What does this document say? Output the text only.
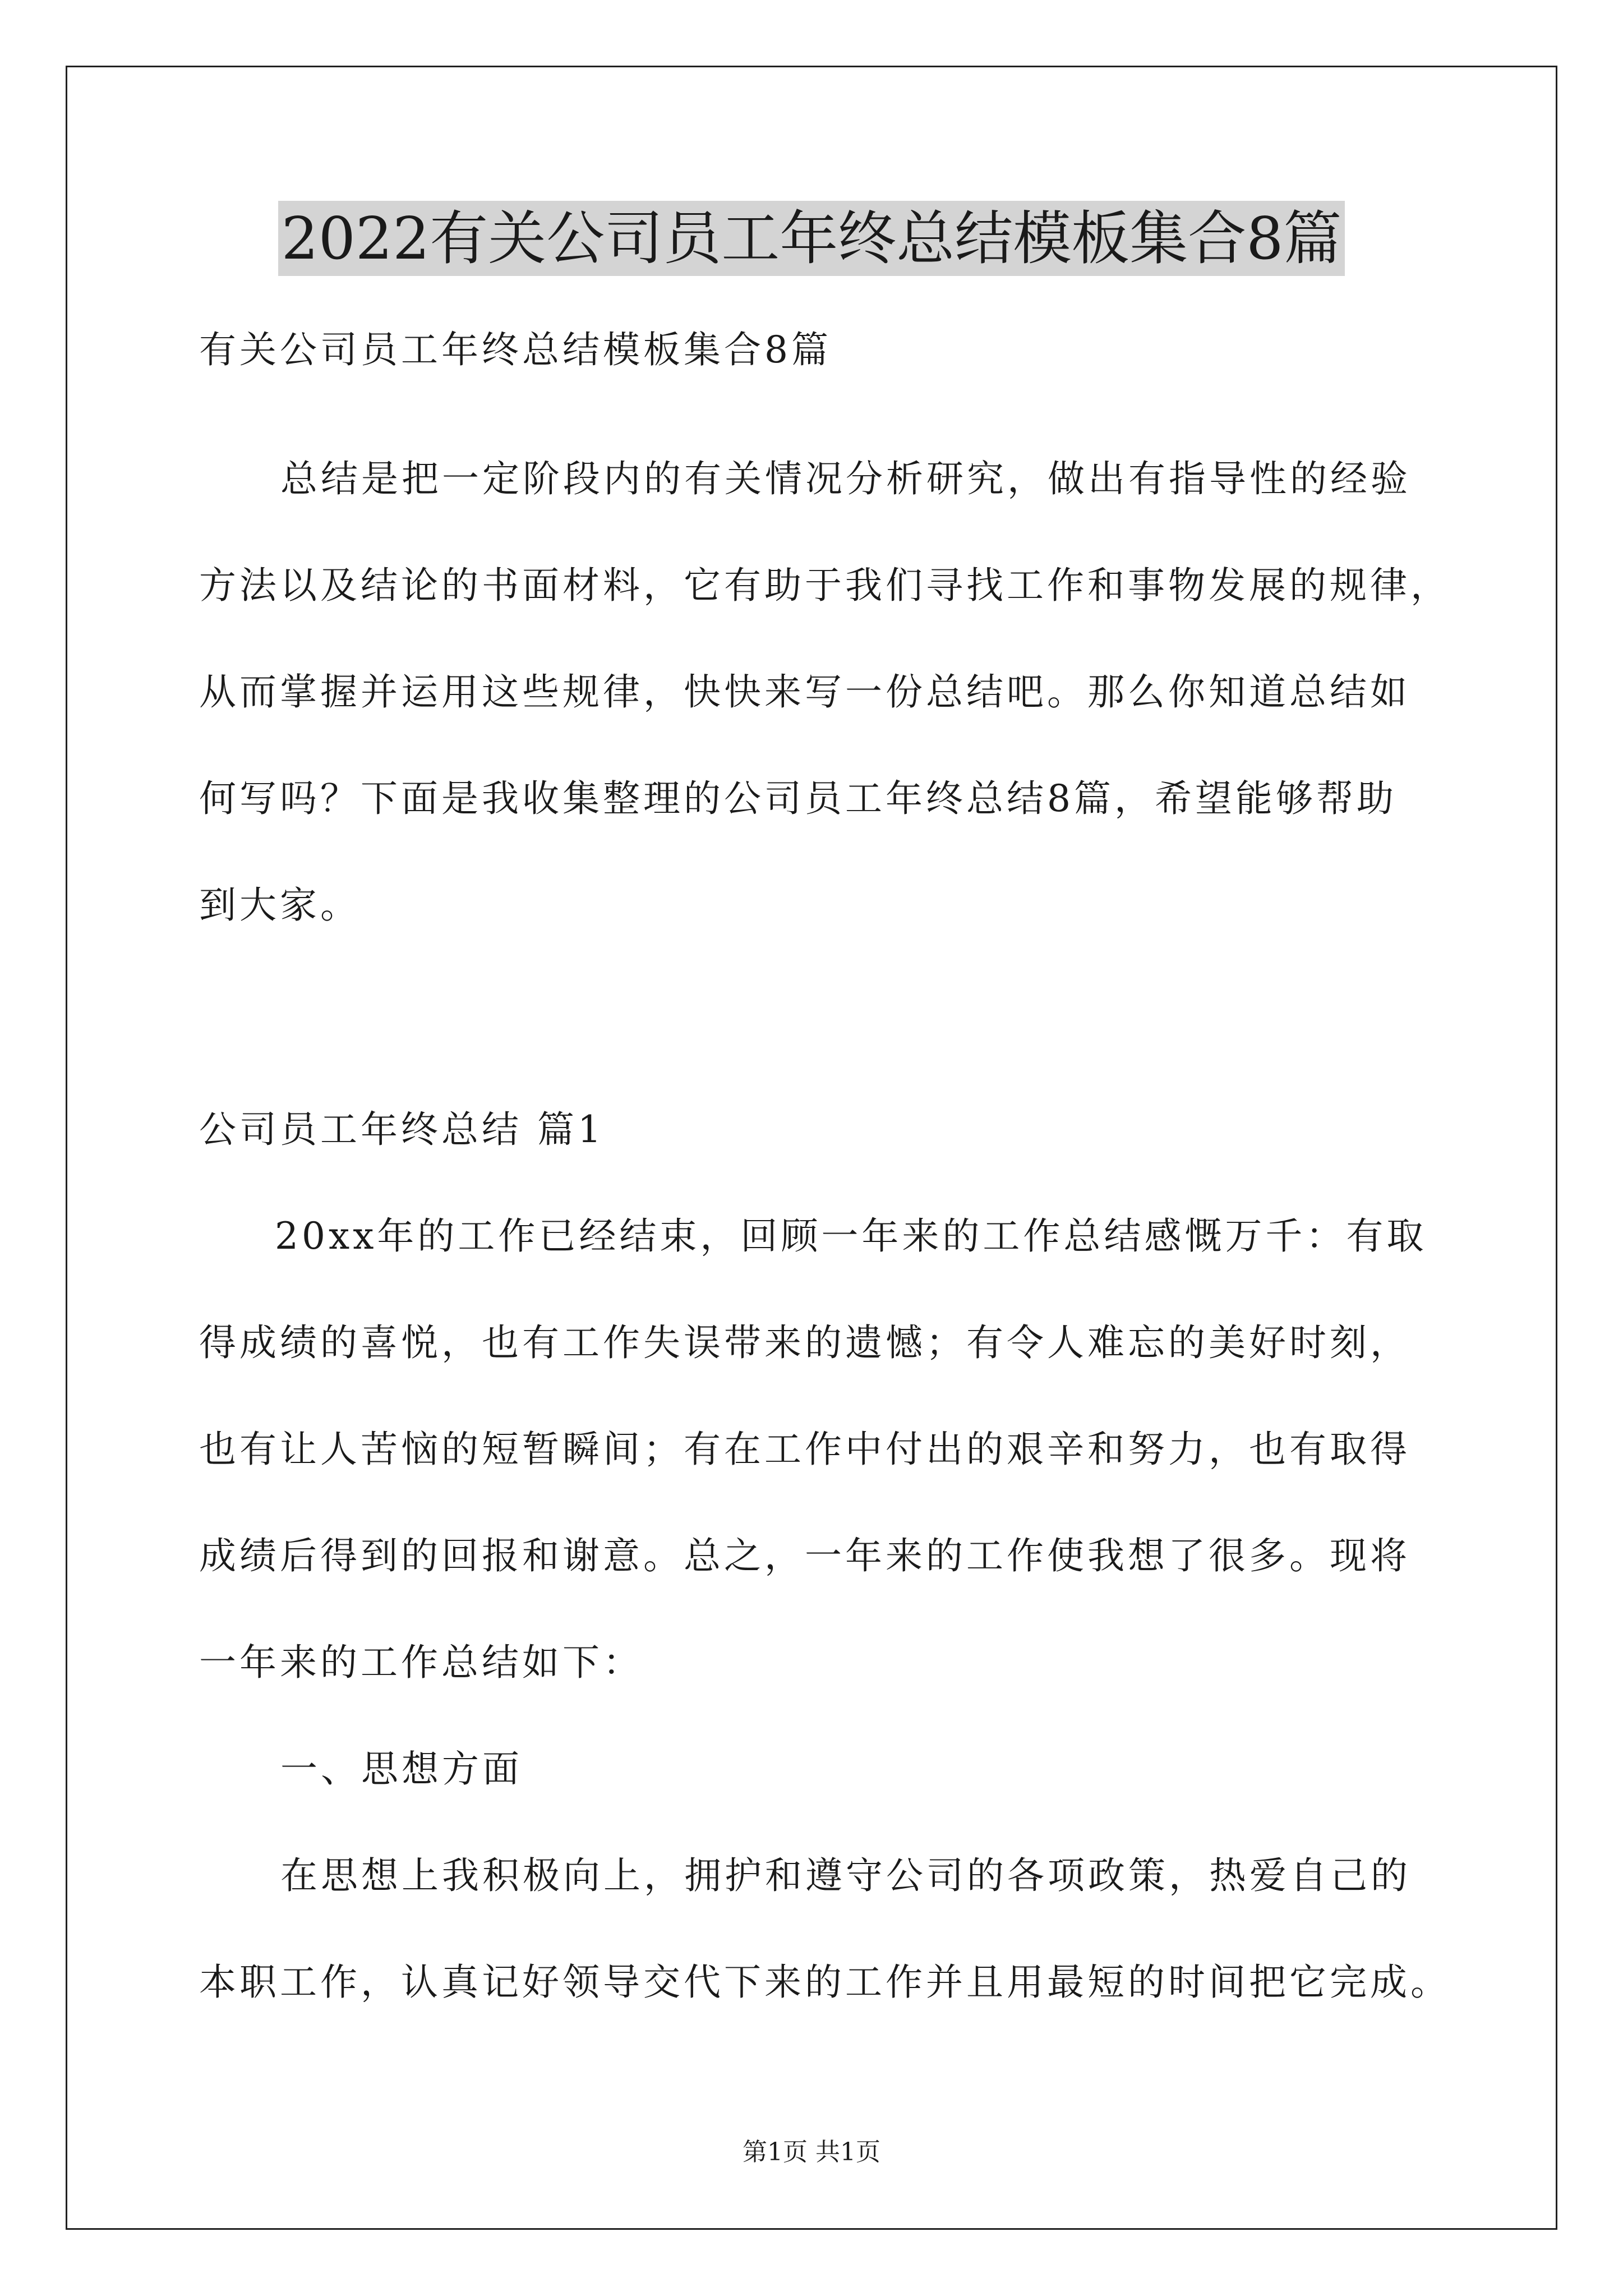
2022有关公司员工年终总结模板集合8篇
有关公司员工年终总结模板集合8篇
总结是把一定阶段内的有关情况分析研究，做出有指导性的经验
方法以及结论的书面材料，它有助于我们寻找工作和事物发展的规律，
从而掌握并运用这些规律，快快来写一份总结吧。那么你知道总结如
何写吗？下面是我收集整理的公司员工年终总结8篇，希望能够帮助
到大家。
公司员工年终总结 篇1
20xx年的工作已经结束，回顾一年来的工作总结感慨万千：有取
得成绩的喜悦，也有工作失误带来的遗憾；有令人难忘的美好时刻，
也有让人苦恼的短暂瞬间；有在工作中付出的艰辛和努力，也有取得
成绩后得到的回报和谢意。总之，一年来的工作使我想了很多。现将
一年来的工作总结如下：
一、思想方面
在思想上我积极向上，拥护和遵守公司的各项政策，热爱自己的
本职工作，认真记好领导交代下来的工作并且用最短的时间把它完成。
第1页 共1页
